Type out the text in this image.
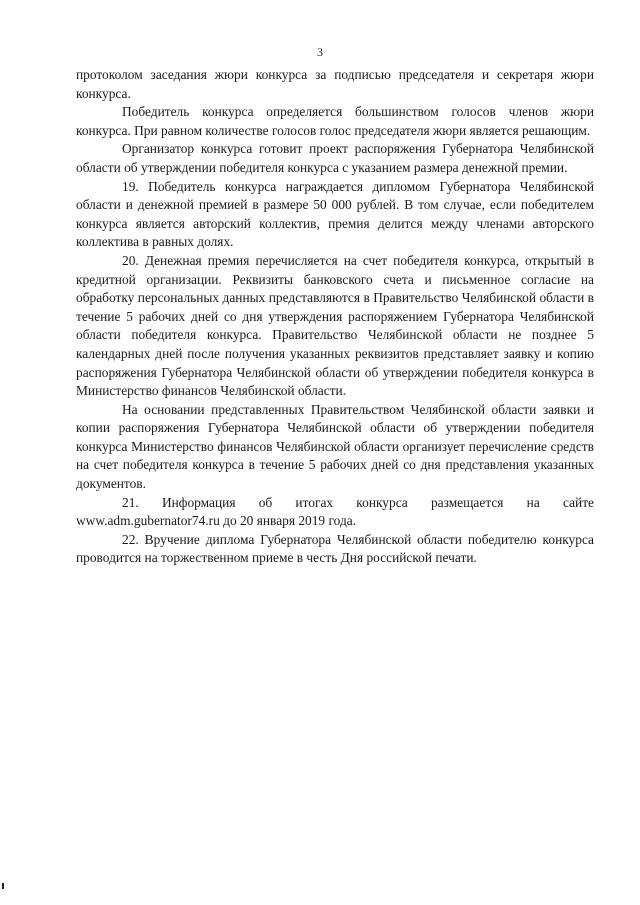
3

протоколом заседания жюри конкурса за подписью председателя и секретаря жюри конкурса.

Победитель конкурса определяется большинством голосов членов жюри конкурса. При равном количестве голосов голос председателя жюри является решающим.

Организатор конкурса готовит проект распоряжения Губернатора Челябинской области об утверждении победителя конкурса с указанием размера денежной премии.

19. Победитель конкурса награждается дипломом Губернатора Челябинской области и денежной премией в размере 50 000 рублей. В том случае, если победителем конкурса является авторский коллектив, премия делится между членами авторского коллектива в равных долях.

20. Денежная премия перечисляется на счет победителя конкурса, открытый в кредитной организации. Реквизиты банковского счета и письменное согласие на обработку персональных данных представляются в Правительство Челябинской области в течение 5 рабочих дней со дня утверждения распоряжением Губернатора Челябинской области победителя конкурса. Правительство Челябинской области не позднее 5 календарных дней после получения указанных реквизитов представляет заявку и копию распоряжения Губернатора Челябинской области об утверждении победителя конкурса в Министерство финансов Челябинской области.

На основании представленных Правительством Челябинской области заявки и копии распоряжения Губернатора Челябинской области об утверждении победителя конкурса Министерство финансов Челябинской области организует перечисление средств на счет победителя конкурса в течение 5 рабочих дней со дня представления указанных документов.

21. Информация об итогах конкурса размещается на сайте www.adm.gubernator74.ru до 20 января 2019 года.

22. Вручение диплома Губернатора Челябинской области победителю конкурса проводится на торжественном приеме в честь Дня российской печати.
